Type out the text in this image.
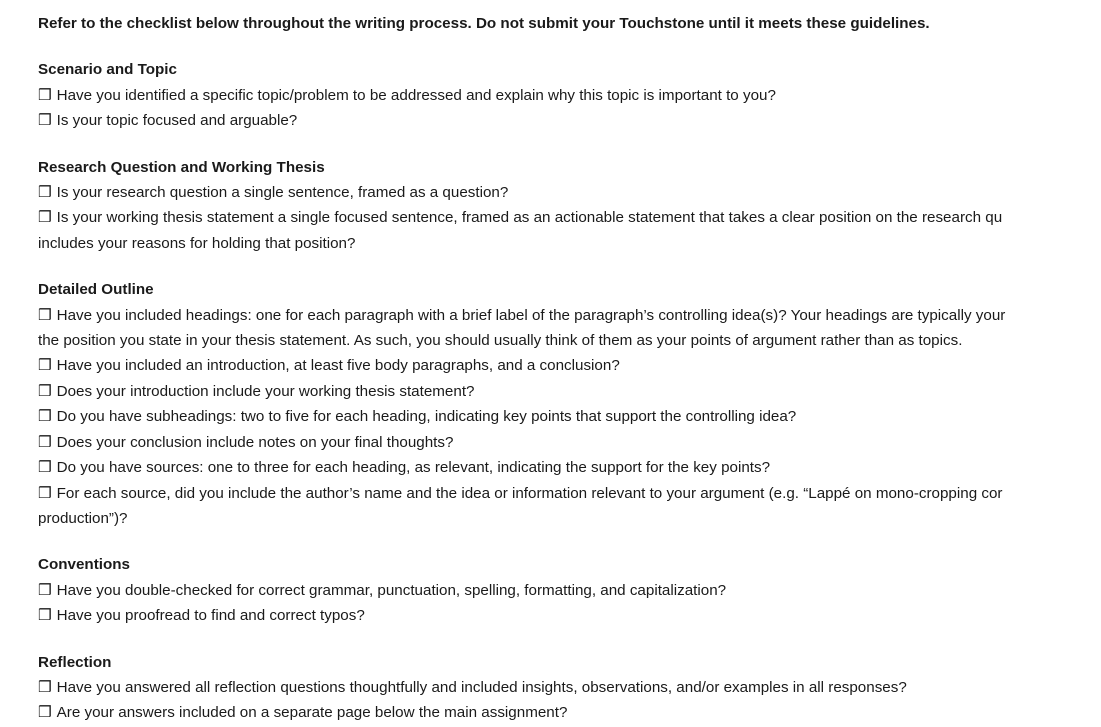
Refer to the checklist below throughout the writing process. Do not submit your Touchstone until it meets these guidelines.

Scenario and Topic

❒ Have you identified a specific topic/problem to be addressed and explain why this topic is important to you?

❒ Is your topic focused and arguable?

Research Question and Working Thesis

❒ Is your research question a single sentence, framed as a question?

❒ Is your working thesis statement a single focused sentence, framed as an actionable statement that takes a clear position on the research qu

includes your reasons for holding that position?

Detailed Outline

❒ Have you included headings: one for each paragraph with a brief label of the paragraph’s controlling idea(s)? Your headings are typically your

the position you state in your thesis statement. As such, you should usually think of them as your points of argument rather than as topics.

❒ Have you included an introduction, at least five body paragraphs, and a conclusion?

❒ Does your introduction include your working thesis statement?

❒ Do you have subheadings: two to five for each heading, indicating key points that support the controlling idea?

❒ Does your conclusion include notes on your final thoughts?

❒ Do you have sources: one to three for each heading, as relevant, indicating the support for the key points?

❒ For each source, did you include the author’s name and the idea or information relevant to your argument (e.g. “Lappé on mono-cropping cor

production”)?

Conventions

❒ Have you double-checked for correct grammar, punctuation, spelling, formatting, and capitalization?

❒ Have you proofread to find and correct typos?

Reflection

❒ Have you answered all reflection questions thoughtfully and included insights, observations, and/or examples in all responses?

❒ Are your answers included on a separate page below the main assignment?
